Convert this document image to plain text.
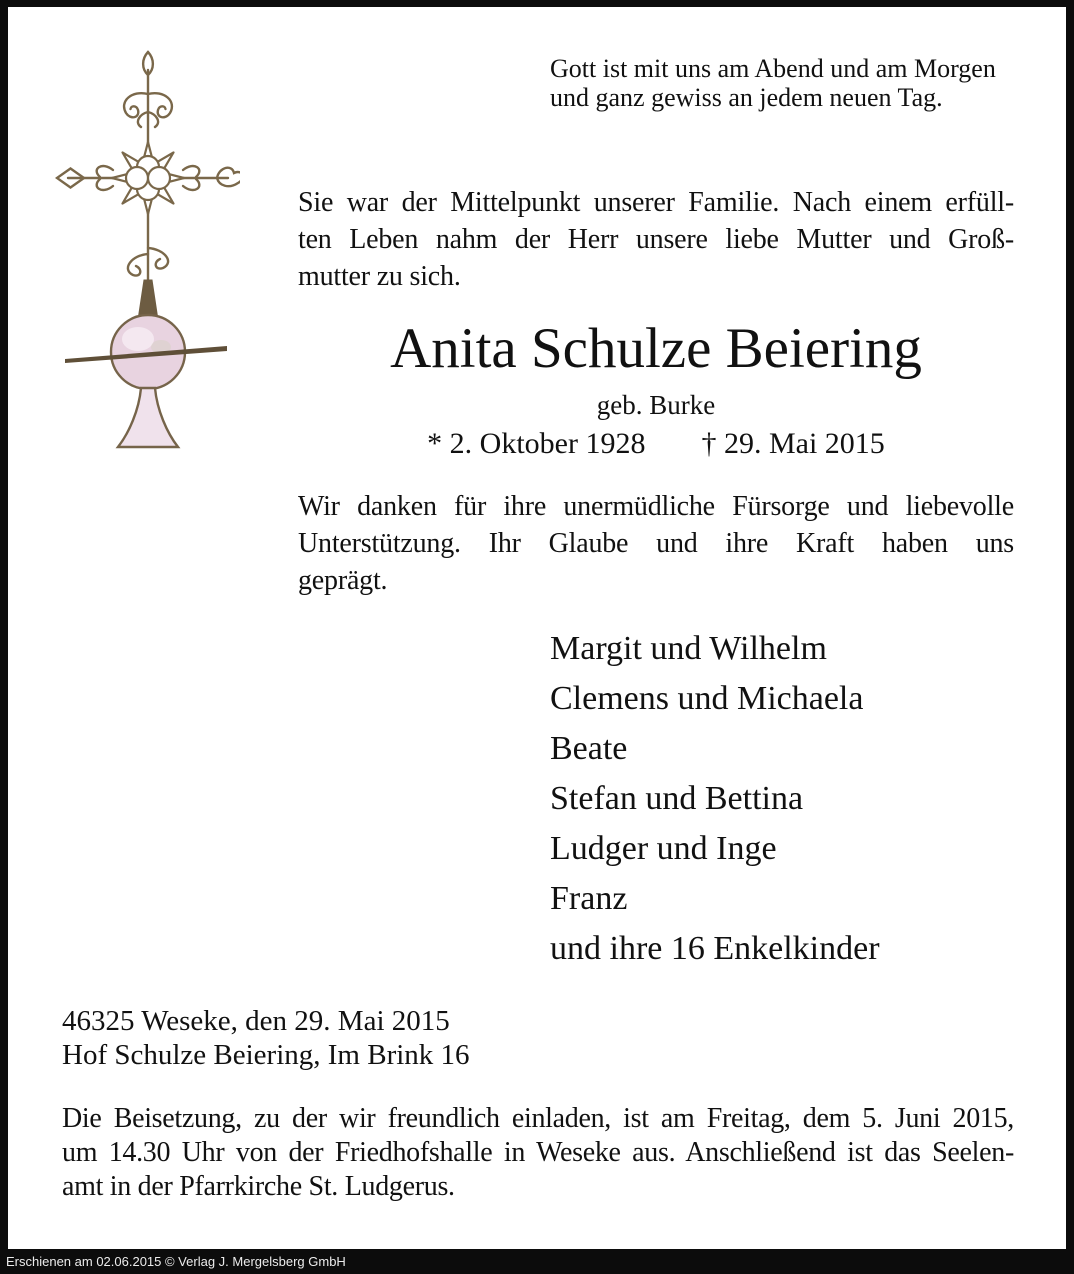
Gott ist mit uns am Abend und am Morgen
und ganz gewiss an jedem neuen Tag.
Sie war der Mittelpunkt unserer Familie. Nach einem erfüll-
ten Leben nahm der Herr unsere liebe Mutter und Groß-
mutter zu sich.
Anita Schulze Beiering
geb. Burke
* 2. Oktober 1928 † 29. Mai 2015
Wir danken für ihre unermüdliche Fürsorge und liebevolle
Unterstützung. Ihr Glaube und ihre Kraft haben uns
geprägt.
Margit und Wilhelm
Clemens und Michaela
Beate
Stefan und Bettina
Ludger und Inge
Franz
und ihre 16 Enkelkinder
46325 Weseke, den 29. Mai 2015
Hof Schulze Beiering, Im Brink 16
Die Beisetzung, zu der wir freundlich einladen, ist am Freitag, dem 5. Juni 2015,
um 14.30 Uhr von der Friedhofshalle in Weseke aus. Anschließend ist das Seelen-
amt in der Pfarrkirche St. Ludgerus.
Erschienen am 02.06.2015 © Verlag J. Mergelsberg GmbH
